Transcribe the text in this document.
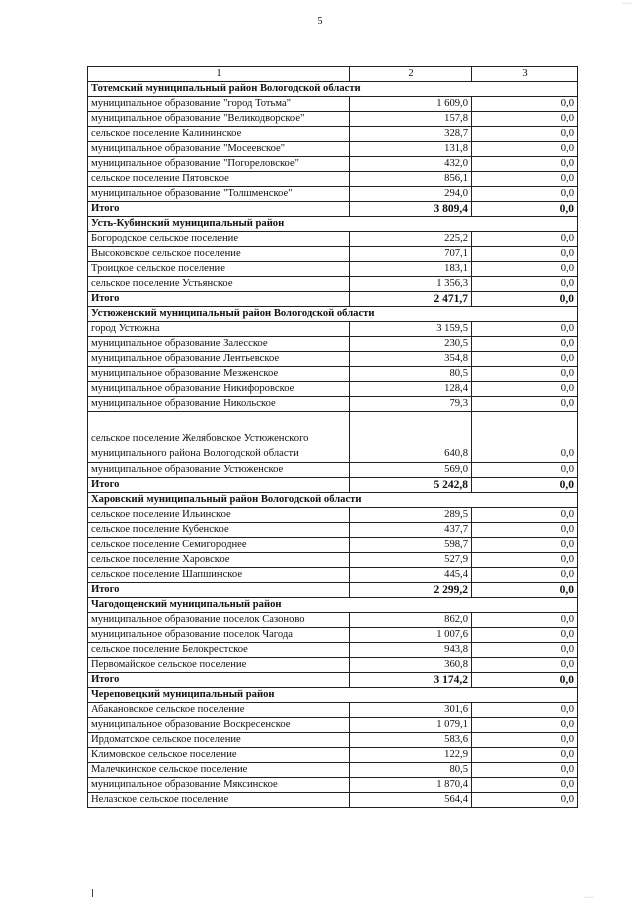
5
·····
·····
1	2	3
Тотемский муниципальный район Вологодской области		
муниципальное образование "город Тотьма"	1 609,0	0,0
муниципальное образование "Великодворское"	157,8	0,0
сельское поселение Калининское	328,7	0,0
муниципальное образование "Мосеевское"	131,8	0,0
муниципальное образование "Погореловское"	432,0	0,0
сельское поселение Пятовское	856,1	0,0
муниципальное образование "Толшменское"	294,0	0,0
Итого	3 809,4	0,0
Усть-Кубинский муниципальный район		
Богородское сельское поселение	225,2	0,0
Высоковское сельское поселение	707,1	0,0
Троицкое сельское поселение	183,1	0,0
сельское поселение Устьянское	1 356,3	0,0
Итого	2 471,7	0,0
Устюженский муниципальный район Вологодской области		
город Устюжна	3 159,5	0,0
муниципальное образование Залесское	230,5	0,0
муниципальное образование Лентьевское	354,8	0,0
муниципальное образование Мезженское	80,5	0,0
муниципальное образование Никифоровское	128,4	0,0
муниципальное образование Никольское	79,3	0,0
сельское поселение Желябовское Устюженского муниципального района Вологодской области	640,8	0,0
муниципальное образование Устюженское	569,0	0,0
Итого	5 242,8	0,0
Харовский муниципальный район Вологодской области		
сельское поселение Ильинское	289,5	0,0
сельское поселение Кубенское	437,7	0,0
сельское поселение Семигороднее	598,7	0,0
сельское поселение Харовское	527,9	0,0
сельское поселение Шапшинское	445,4	0,0
Итого	2 299,2	0,0
Чагодощенский муниципальный район		
муниципальное образование поселок Сазоново	862,0	0,0
муниципальное образование поселок Чагода	1 007,6	0,0
сельское поселение Белокрестское	943,8	0,0
Первомайское сельское поселение	360,8	0,0
Итого	3 174,2	0,0
Череповецкий муниципальный район		
Абакановское сельское поселение	301,6	0,0
муниципальное образование Воскресенское	1 079,1	0,0
Ирдоматское сельское поселение	583,6	0,0
Климовское сельское поселение	122,9	0,0
Малечкинское сельское поселение	80,5	0,0
муниципальное образование Мяксинское	1 870,4	0,0
Нелазское сельское поселение	564,4	0,0
